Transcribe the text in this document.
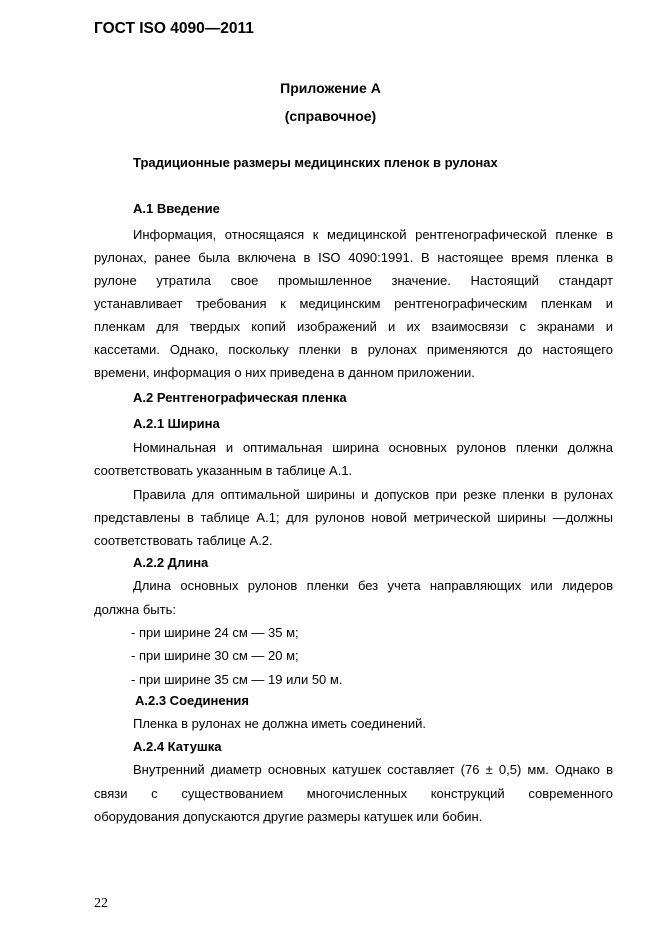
ГОСТ ISO 4090—2011
Приложение А
(справочное)
Традиционные размеры медицинских пленок в рулонах
А.1 Введение
Информация, относящаяся к медицинской рентгенографической пленке в
рулонах, ранее была включена в ISO 4090:1991. В настоящее время пленка в
рулоне утратила свое промышленное значение. Настоящий стандарт
устанавливает требования к медицинским рентгенографическим пленкам и
пленкам для твердых копий изображений и их взаимосвязи с экранами и
кассетами. Однако, поскольку пленки в рулонах применяются до настоящего
времени, информация о них приведена в данном приложении.
А.2 Рентгенографическая пленка
А.2.1 Ширина
Номинальная и оптимальная ширина основных рулонов пленки должна
соответствовать указанным в таблице А.1.
Правила для оптимальной ширины и допусков при резке пленки в рулонах
представлены в таблице А.1; для рулонов новой метрической ширины —должны
соответствовать таблице А.2.
А.2.2 Длина
Длина основных рулонов пленки без учета направляющих или лидеров
должна быть:
- при ширине 24 см — 35 м;
- при ширине 30 см — 20 м;
- при ширине 35 см — 19 или 50 м.
А.2.3 Соединения
Пленка в рулонах не должна иметь соединений.
А.2.4 Катушка
Внутренний диаметр основных катушек составляет (76 ± 0,5) мм. Однако в
связи с существованием многочисленных конструкций современного
оборудования допускаются другие размеры катушек или бобин.
22
